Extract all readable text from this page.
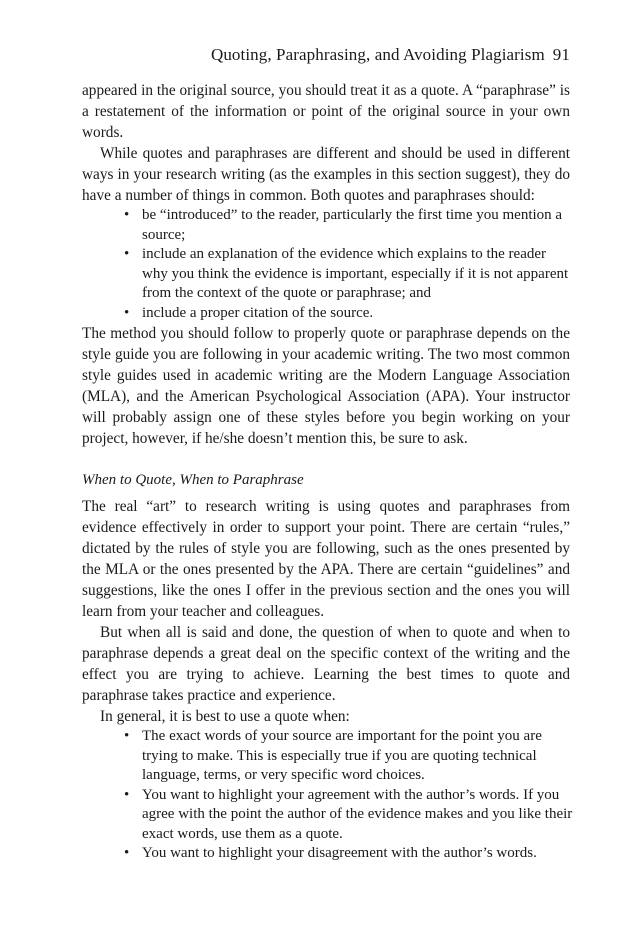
Quoting, Paraphrasing, and Avoiding Plagiarism 91

appeared in the original source, you should treat it as a quote. A “paraphrase” is a restatement of the information or point of the original source in your own words.

While quotes and paraphrases are different and should be used in different ways in your research writing (as the examples in this section suggest), they do have a number of things in common. Both quotes and paraphrases should:

• be “introduced” to the reader, particularly the first time you mention a source;
• include an explanation of the evidence which explains to the reader why you think the evidence is important, especially if it is not apparent from the context of the quote or paraphrase; and
• include a proper citation of the source.

The method you should follow to properly quote or paraphrase depends on the style guide you are following in your academic writing. The two most common style guides used in academic writing are the Modern Language Association (MLA), and the American Psychological Association (APA). Your instructor will probably assign one of these styles before you begin working on your project, however, if he/she doesn’t mention this, be sure to ask.

When to Quote, When to Paraphrase

The real “art” to research writing is using quotes and paraphrases from evidence effectively in order to support your point. There are certain “rules,” dictated by the rules of style you are following, such as the ones presented by the MLA or the ones presented by the APA. There are certain “guidelines” and suggestions, like the ones I offer in the previous section and the ones you will learn from your teacher and colleagues.

But when all is said and done, the question of when to quote and when to paraphrase depends a great deal on the specific context of the writing and the effect you are trying to achieve. Learning the best times to quote and paraphrase takes practice and experience.

In general, it is best to use a quote when:

• The exact words of your source are important for the point you are trying to make. This is especially true if you are quoting technical language, terms, or very specific word choices.
• You want to highlight your agreement with the author’s words. If you agree with the point the author of the evidence makes and you like their exact words, use them as a quote.
• You want to highlight your disagreement with the author’s words.
